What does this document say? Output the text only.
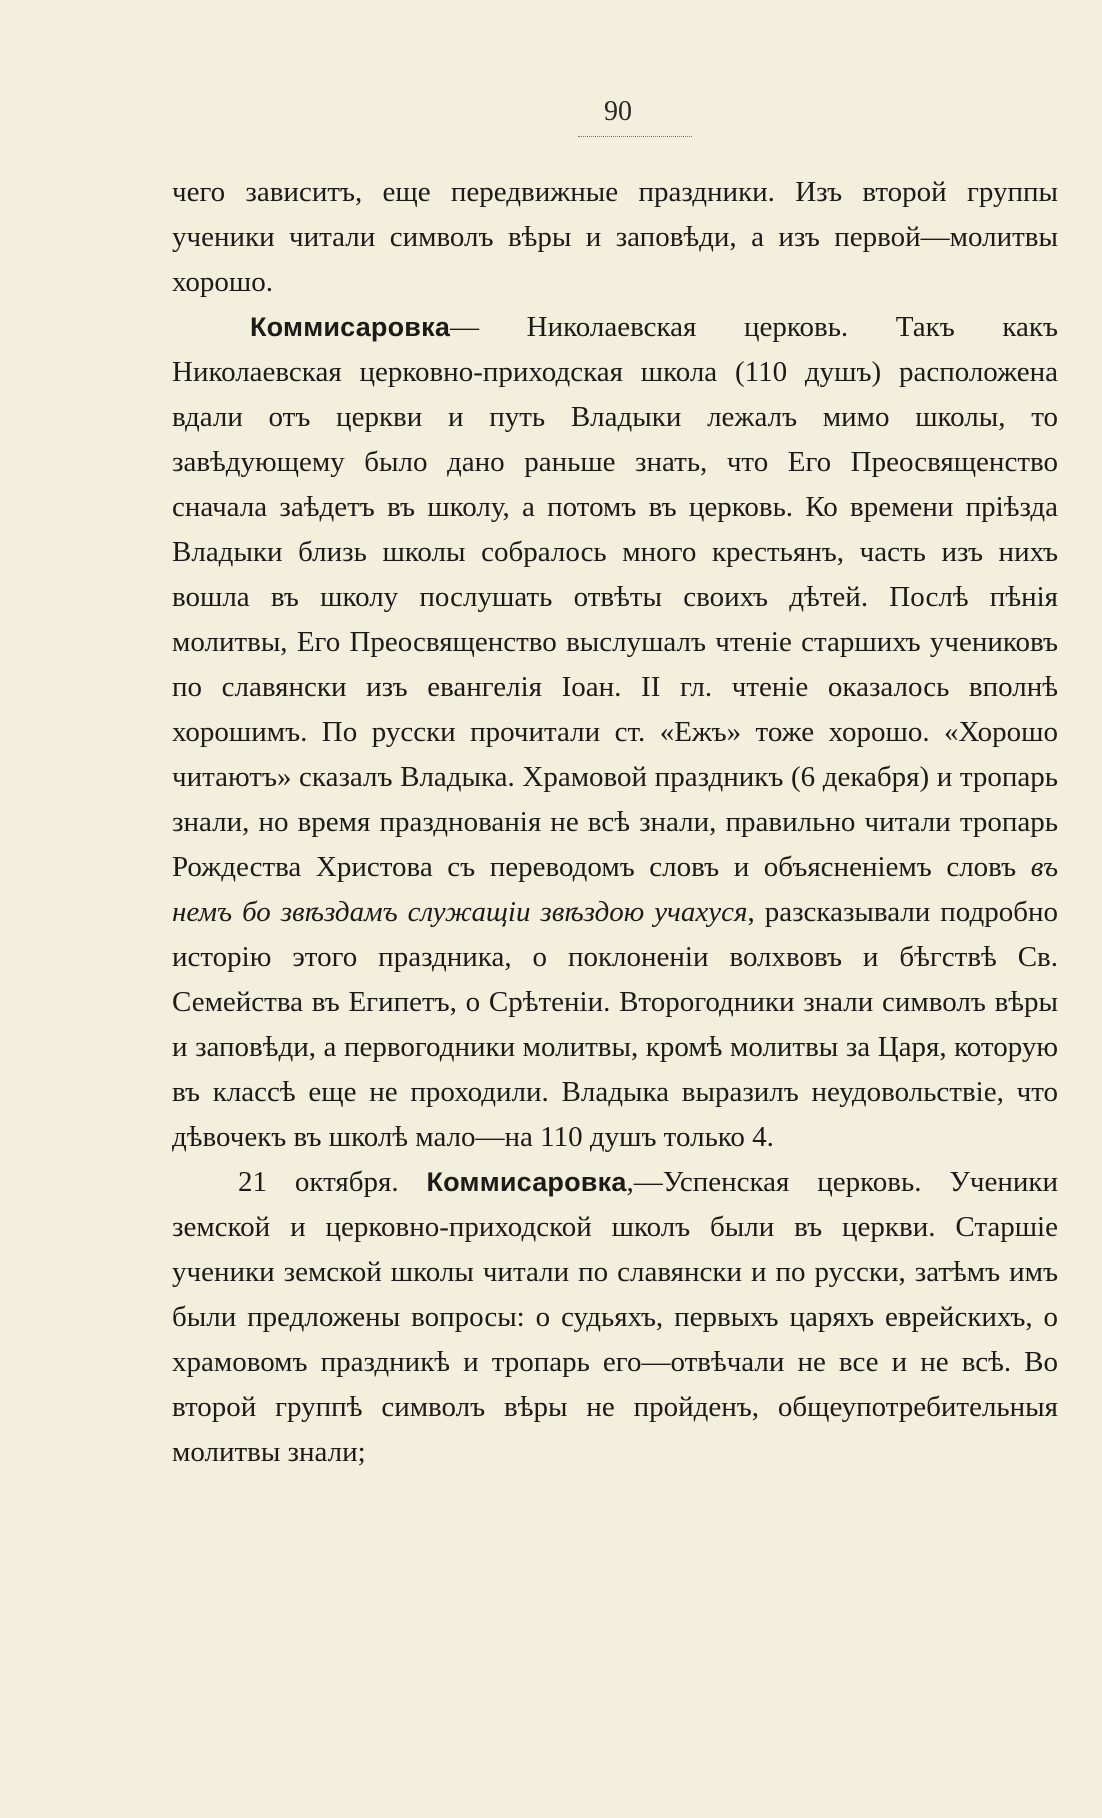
90

чего зависитъ, еще передвижные праздники. Изъ второй группы ученики читали символъ вѣры и заповѣди, а изъ первой—молитвы хорошо.

Коммисаровка— Николаевская церковь. Такъ какъ Николаевская церковно-приходская школа (110 душъ) расположена вдали отъ церкви и путь Владыки лежалъ мимо школы, то завѣдующему было дано раньше знать, что Его Преосвященство сначала заѣдетъ въ школу, а потомъ въ церковь. Ко времени пріѣзда Владыки близь школы собралось много крестьянъ, часть изъ нихъ вошла въ школу послушать отвѣты своихъ дѣтей. Послѣ пѣнія молитвы, Его Преосвященство выслушалъ чтеніе старшихъ учениковъ по славянски изъ евангелія Іоан. II гл. чтеніе оказалось вполнѣ хорошимъ. По русски прочитали ст. «Ежъ» тоже хорошо. «Хорошо читаютъ» сказалъ Владыка. Храмовой праздникъ (6 декабря) и тропарь знали, но время празднованія не всѣ знали, правильно читали тропарь Рождества Христова съ переводомъ словъ и объясненіемъ словъ въ немъ бо звѣздамъ служащіи звѣздою учахуся, разсказывали подробно исторію этого праздника, о поклоненіи волхвовъ и бѣгствѣ Св. Семейства въ Египетъ, о Срѣтеніи. Второгодники знали символъ вѣры и заповѣди, а первогодники молитвы, кромѣ молитвы за Царя, которую въ классѣ еще не проходили. Владыка выразилъ неудовольствіе, что дѣвочекъ въ школѣ мало—на 110 душъ только 4.

21 октября. Коммисаровка,—Успенская церковь. Ученики земской и церковно-приходской школъ были въ церкви. Старшіе ученики земской школы читали по славянски и по русски, затѣмъ имъ были предложены вопросы: о судьяхъ, первыхъ царяхъ еврейскихъ, о храмовомъ праздникѣ и тропарь его—отвѣчали не все и не всѣ. Во второй группѣ символъ вѣры не пройденъ, общеупотребительныя молитвы знали;
